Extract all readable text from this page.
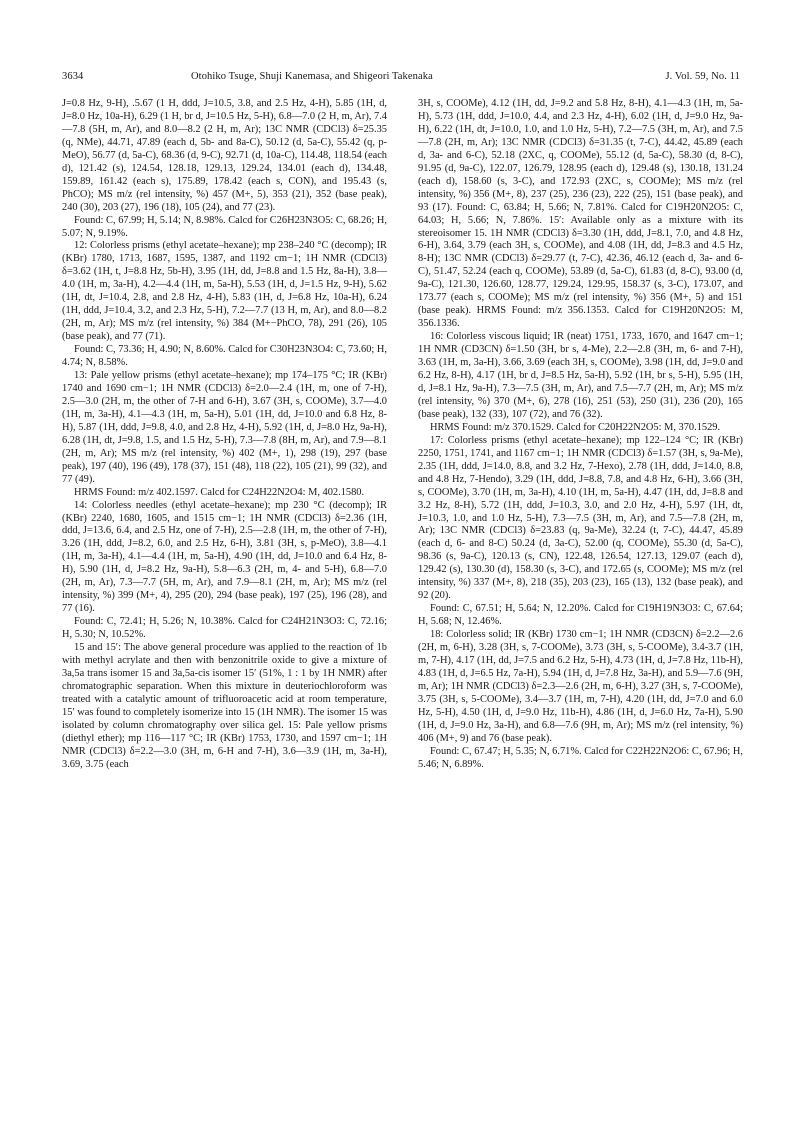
3634	Otohiko Tsuge, Shuji Kanemasa, and Shigeori Takenaka	J. Vol. 59, No. 11

J=0.8 Hz, 9-H), .5.67 (1 H, ddd, J=10.5, 3.8, and 2.5 Hz, 4-H), 5.85 (1H, d, J=8.0 Hz, 10a-H), 6.29 (1 H, br d, J=10.5 Hz, 5-H), 6.8—7.0 (2 H, m, Ar), 7.4—7.8 (5H, m, Ar), and 8.0—8.2 (2 H, m, Ar); 13C NMR (CDCl3) δ=25.35 (q, NMe), 44.71, 47.89 (each d, 5b- and 8a-C), 50.12 (d, 5a-C), 55.42 (q, p-MeO), 56.77 (d, 5a-C), 68.36 (d, 9-C), 92.71 (d, 10a-C), 114.48, 118.54 (each d), 121.42 (s), 124.54, 128.18, 129.13, 129.24, 134.01 (each d), 134.48, 159.89, 161.42 (each s), 175.89, 178.42 (each s, CON), and 195.43 (s, PhCO); MS m/z (rel intensity, %) 457 (M+, 5), 353 (21), 352 (base peak), 240 (30), 203 (27), 196 (18), 105 (24), and 77 (23).

Found: C, 67.99; H, 5.14; N, 8.98%. Calcd for C26H23N3O5: C, 68.26; H, 5.07; N, 9.19%.

12: Colorless prisms (ethyl acetate–hexane); mp 238–240 °C (decomp); IR (KBr) 1780, 1713, 1687, 1595, 1387, and 1192 cm−1; 1H NMR (CDCl3) δ=3.62 (1H, t, J=8.8 Hz, 5b-H), 3.95 (1H, dd, J=8.8 and 1.5 Hz, 8a-H), 3.8—4.0 (1H, m, 3a-H), 4.2—4.4 (1H, m, 5a-H), 5.53 (1H, d, J=1.5 Hz, 9-H), 5.62 (1H, dt, J=10.4, 2.8, and 2.8 Hz, 4-H), 5.83 (1H, d, J=6.8 Hz, 10a-H), 6.24 (1H, ddd, J=10.4, 3.2, and 2.3 Hz, 5-H), 7.2—7.7 (13 H, m, Ar), and 8.0—8.2 (2H, m, Ar); MS m/z (rel intensity, %) 384 (M+−PhCO, 78), 291 (26), 105 (base peak), and 77 (71).

Found: C, 73.36; H, 4.90; N, 8.60%. Calcd for C30H23N3O4: C, 73.60; H, 4.74; N, 8.58%.

13: Pale yellow prisms (ethyl acetate–hexane); mp 174–175 °C; IR (KBr) 1740 and 1690 cm−1; 1H NMR (CDCl3) δ=2.0—2.4 (1H, m, one of 7-H), 2.5—3.0 (2H, m, the other of 7-H and 6-H), 3.67 (3H, s, COOMe), 3.7—4.0 (1H, m, 3a-H), 4.1—4.3 (1H, m, 5a-H), 5.01 (1H, dd, J=10.0 and 6.8 Hz, 8-H), 5.87 (1H, ddd, J=9.8, 4.0, and 2.8 Hz, 4-H), 5.92 (1H, d, J=8.0 Hz, 9a-H), 6.28 (1H, dt, J=9.8, 1.5, and 1.5 Hz, 5-H), 7.3—7.8 (8H, m, Ar), and 7.9—8.1 (2H, m, Ar); MS m/z (rel intensity, %) 402 (M+, 1), 298 (19), 297 (base peak), 197 (40), 196 (49), 178 (37), 151 (48), 118 (22), 105 (21), 99 (32), and 77 (49).

HRMS Found: m/z 402.1597. Calcd for C24H22N2O4: M, 402.1580.

14: Colorless needles (ethyl acetate–hexane); mp 230 °C (decomp); IR (KBr) 2240, 1680, 1605, and 1515 cm−1; 1H NMR (CDCl3) δ=2.36 (1H, ddd, J=13.6, 6.4, and 2.5 Hz, one of 7-H), 2.5—2.8 (1H, m, the other of 7-H), 3.26 (1H, ddd, J=8.2, 6.0, and 2.5 Hz, 6-H), 3.81 (3H, s, p-MeO), 3.8—4.1 (1H, m, 3a-H), 4.1—4.4 (1H, m, 5a-H), 4.90 (1H, dd, J=10.0 and 6.4 Hz, 8-H), 5.90 (1H, d, J=8.2 Hz, 9a-H), 5.8—6.3 (2H, m, 4- and 5-H), 6.8—7.0 (2H, m, Ar), 7.3—7.7 (5H, m, Ar), and 7.9—8.1 (2H, m, Ar); MS m/z (rel intensity, %) 399 (M+, 4), 295 (20), 294 (base peak), 197 (25), 196 (28), and 77 (16).

Found: C, 72.41; H, 5.26; N, 10.38%. Calcd for C24H21N3O3: C, 72.16; H, 5.30; N, 10.52%.

15 and 15′: The above general procedure was applied to the reaction of 1b with methyl acrylate and then with benzonitrile oxide to give a mixture of 3a,5a trans isomer 15 and 3a,5a-cis isomer 15′ (51%, 1 : 1 by 1H NMR) after chromatographic separation. When this mixture in deuteriochloroform was treated with a catalytic amount of trifluoroacetic acid at room temperature, 15′ was found to completely isomerize into 15 (1H NMR). The isomer 15 was isolated by column chromatography over silica gel. 15: Pale yellow prisms (diethyl ether); mp 116—117 °C; IR (KBr) 1753, 1730, and 1597 cm−1; 1H NMR (CDCl3) δ=2.2—3.0 (3H, m, 6-H and 7-H), 3.6—3.9 (1H, m, 3a-H), 3.69, 3.75 (each

3H, s, COOMe), 4.12 (1H, dd, J=9.2 and 5.8 Hz, 8-H), 4.1—4.3 (1H, m, 5a-H), 5.73 (1H, ddd, J=10.0, 4.4, and 2.3 Hz, 4-H), 6.02 (1H, d, J=9.0 Hz, 9a-H), 6.22 (1H, dt, J=10.0, 1.0, and 1.0 Hz, 5-H), 7.2—7.5 (3H, m, Ar), and 7.5—7.8 (2H, m, Ar); 13C NMR (CDCl3) δ=31.35 (t, 7-C), 44.42, 45.89 (each d, 3a- and 6-C), 52.18 (2XC, q, COOMe), 55.12 (d, 5a-C), 58.30 (d, 8-C), 91.95 (d, 9a-C), 122.07, 126.79, 128.95 (each d), 129.48 (s), 130.18, 131.24 (each d), 158.60 (s, 3-C), and 172.93 (2XC, s, COOMe); MS m/z (rel intensity, %) 356 (M+, 8), 237 (25), 236 (23), 222 (25), 151 (base peak), and 93 (17). Found: C, 63.84; H, 5.66; N, 7.81%. Calcd for C19H20N2O5: C, 64.03; H, 5.66; N, 7.86%. 15′: Available only as a mixture with its stereoisomer 15. 1H NMR (CDCl3) δ=3.30 (1H, ddd, J=8.1, 7.0, and 4.8 Hz, 6-H), 3.64, 3.79 (each 3H, s, COOMe), and 4.08 (1H, dd, J=8.3 and 4.5 Hz, 8-H); 13C NMR (CDCl3) δ=29.77 (t, 7-C), 42.36, 46.12 (each d, 3a- and 6-C), 51.47, 52.24 (each q, COOMe), 53.89 (d, 5a-C), 61.83 (d, 8-C), 93.00 (d, 9a-C), 121.30, 126.60, 128.77, 129.24, 129.95, 158.37 (s, 3-C), 173.07, and 173.77 (each s, COOMe); MS m/z (rel intensity, %) 356 (M+, 5) and 151 (base peak). HRMS Found: m/z 356.1353. Calcd for C19H20N2O5: M, 356.1336.

16: Colorless viscous liquid; IR (neat) 1751, 1733, 1670, and 1647 cm−1; 1H NMR (CD3CN) δ=1.50 (3H, br s, 4-Me), 2.2—2.8 (3H, m, 6- and 7-H), 3.63 (1H, m, 3a-H), 3.66, 3.69 (each 3H, s, COOMe), 3.98 (1H, dd, J=9.0 and 6.2 Hz, 8-H), 4.17 (1H, br d, J=8.5 Hz, 5a-H), 5.92 (1H, br s, 5-H), 5.95 (1H, d, J=8.1 Hz, 9a-H), 7.3—7.5 (3H, m, Ar), and 7.5—7.7 (2H, m, Ar); MS m/z (rel intensity, %) 370 (M+, 6), 278 (16), 251 (53), 250 (31), 236 (20), 165 (base peak), 132 (33), 107 (72), and 76 (32).

HRMS Found: m/z 370.1529. Calcd for C20H22N2O5: M, 370.1529.

17: Colorless prisms (ethyl acetate–hexane); mp 122–124 °C; IR (KBr) 2250, 1751, 1741, and 1167 cm−1; 1H NMR (CDCl3) δ=1.57 (3H, s, 9a-Me), 2.35 (1H, ddd, J=14.0, 8.8, and 3.2 Hz, 7-Hexo), 2.78 (1H, ddd, J=14.0, 8.8, and 4.8 Hz, 7-Hendo), 3.29 (1H, ddd, J=8.8, 7.8, and 4.8 Hz, 6-H), 3.66 (3H, s, COOMe), 3.70 (1H, m, 3a-H), 4.10 (1H, m, 5a-H), 4.47 (1H, dd, J=8.8 and 3.2 Hz, 8-H), 5.72 (1H, ddd, J=10.3, 3.0, and 2.0 Hz, 4-H), 5.97 (1H, dt, J=10.3, 1.0, and 1.0 Hz, 5-H), 7.3—7.5 (3H, m, Ar), and 7.5—7.8 (2H, m, Ar); 13C NMR (CDCl3) δ=23.83 (q, 9a-Me), 32.24 (t, 7-C), 44.47, 45.89 (each d, 6- and 8-C) 50.24 (d, 3a-C), 52.00 (q, COOMe), 55.30 (d, 5a-C), 98.36 (s, 9a-C), 120.13 (s, CN), 122.48, 126.54, 127.13, 129.07 (each d), 129.42 (s), 130.30 (d), 158.30 (s, 3-C), and 172.65 (s, COOMe); MS m/z (rel intensity, %) 337 (M+, 8), 218 (35), 203 (23), 165 (13), 132 (base peak), and 92 (20).

Found: C, 67.51; H, 5.64; N, 12.20%. Calcd for C19H19N3O3: C, 67.64; H, 5.68; N, 12.46%.

18: Colorless solid; IR (KBr) 1730 cm−1; 1H NMR (CD3CN) δ=2.2—2.6 (2H, m, 6-H), 3.28 (3H, s, 7-COOMe), 3.73 (3H, s, 5-COOMe), 3.4-3.7 (1H, m, 7-H), 4.17 (1H, dd, J=7.5 and 6.2 Hz, 5-H), 4.73 (1H, d, J=7.8 Hz, 11b-H), 4.83 (1H, d, J=6.5 Hz, 7a-H), 5.94 (1H, d, J=7.8 Hz, 3a-H), and 5.9—7.6 (9H, m, Ar); 1H NMR (CDCl3) δ=2.3—2.6 (2H, m, 6-H), 3.27 (3H, s, 7-COOMe), 3.75 (3H, s, 5-COOMe), 3.4—3.7 (1H, m, 7-H), 4.20 (1H, dd, J=7.0 and 6.0 Hz, 5-H), 4.50 (1H, d, J=9.0 Hz, 11b-H), 4.86 (1H, d, J=6.0 Hz, 7a-H), 5.90 (1H, d, J=9.0 Hz, 3a-H), and 6.8—7.6 (9H, m, Ar); MS m/z (rel intensity, %) 406 (M+, 9) and 76 (base peak).

Found: C, 67.47; H, 5.35; N, 6.71%. Calcd for C22H22N2O6: C, 67.96; H, 5.46; N, 6.89%.
